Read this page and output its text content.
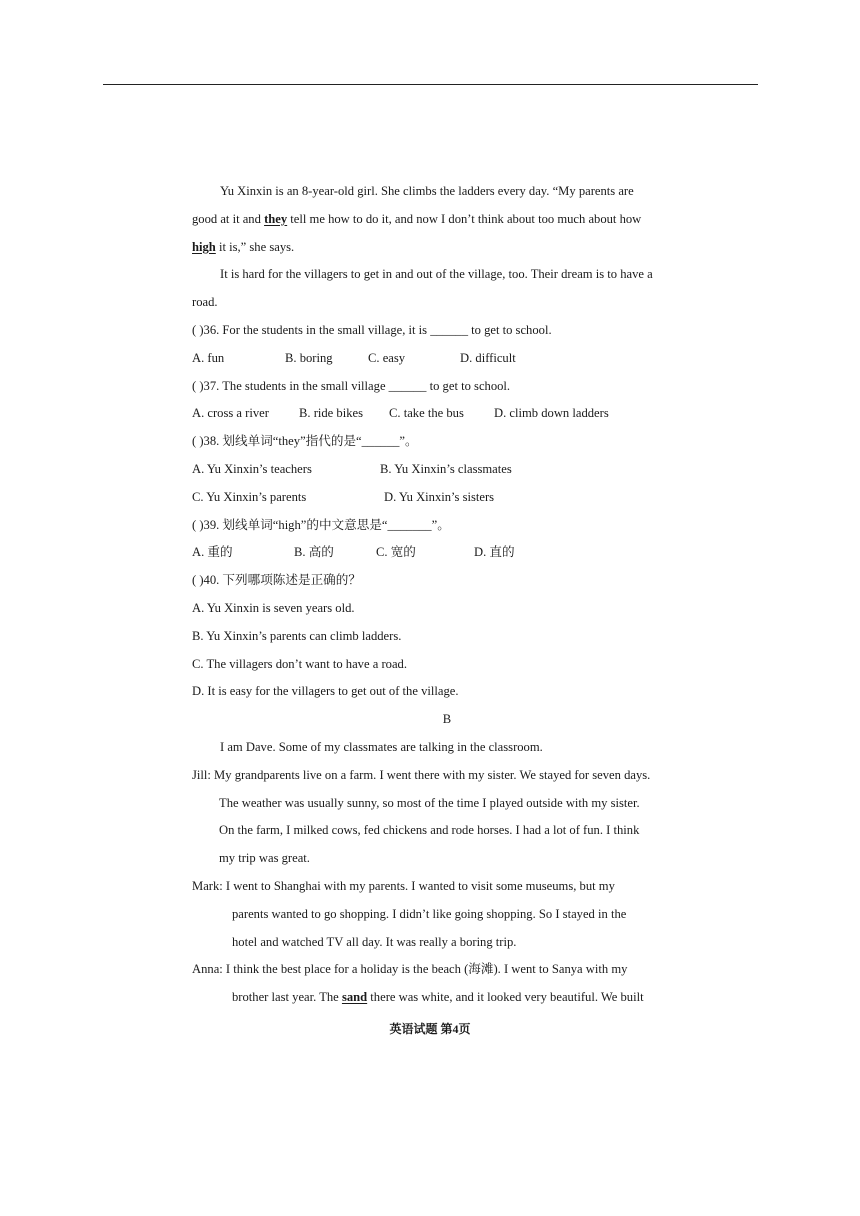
Yu Xinxin is an 8-year-old girl. She climbs the ladders every day. “My parents are
good at it and they tell me how to do it, and now I don’t think about too much about how
high it is,” she says.
It is hard for the villagers to get in and out of the village, too. Their dream is to have a
road.
( )36. For the students in the small village, it is ______ to get to school.
A. fun	B. boring	C. easy	D. difficult
( )37. The students in the small village ______ to get to school.
A. cross a river	B. ride bikes	C. take the bus	D. climb down ladders
( )38. 划线单词“they”指代的是“______”。
A. Yu Xinxin’s teachers	B. Yu Xinxin’s classmates
C. Yu Xinxin’s parents	D. Yu Xinxin’s sisters
( )39. 划线单词“high”的中文意思是“_______”。
A. 重的	B. 高的	C. 宽的	D. 直的
( )40. 下列哪项陈述是正确的？
A. Yu Xinxin is seven years old.
B. Yu Xinxin’s parents can climb ladders.
C. The villagers don’t want to have a road.
D. It is easy for the villagers to get out of the village.
B
I am Dave. Some of my classmates are talking in the classroom.
Jill: My grandparents live on a farm. I went there with my sister. We stayed for seven days.
The weather was usually sunny, so most of the time I played outside with my sister.
On the farm, I milked cows, fed chickens and rode horses. I had a lot of fun. I think
my trip was great.
Mark: I went to Shanghai with my parents. I wanted to visit some museums, but my
parents wanted to go shopping. I didn’t like going shopping. So I stayed in the
hotel and watched TV all day. It was really a boring trip.
Anna: I think the best place for a holiday is the beach (海滩). I went to Sanya with my
brother last year. The sand there was white, and it looked very beautiful. We built
英语试题 第4页
